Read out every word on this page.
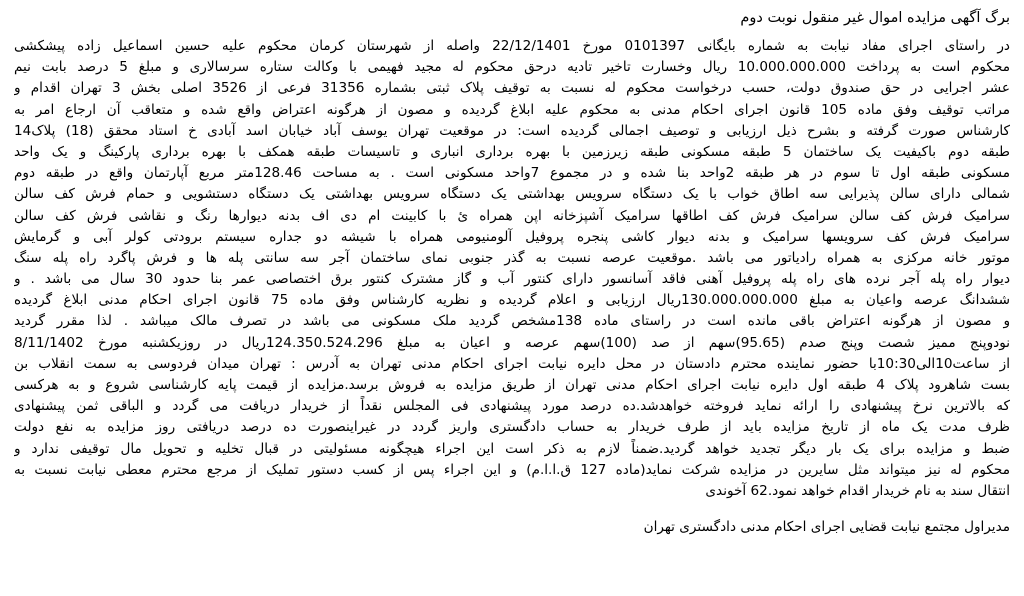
برگ آگهی مزایده اموال غیر منقول نوبت دوم
در راستای اجرای مفاد نیابت به شماره بایگانی 0101397 مورخ 22/12/1401 واصله از شهرستان کرمان محکوم علیه حسین اسماعیل زاده پیشکشی
محکوم است به پرداخت 10.000.000.000 ریال وخسارت تاخیر تادیه درحق محکوم له مجید فهیمی با وکالت ستاره سرسالاری و مبلغ 5 درصد بابت نیم
عشر اجرایی در حق صندوق دولت، حسب درخواست محکوم له نسبت به توقیف پلاک ثبتی بشماره 31356 فرعی از 3526 اصلی بخش 3 تهران اقدام و
مراتب توقیف وفق ماده 105 قانون اجرای احکام مدنی به محکوم علیه ابلاغ گردیده و مصون از هرگونه اعتراض واقع شده و متعاقب آن ارجاع امر به
کارشناس صورت گرفته و بشرح ذیل ارزیابی و توصیف اجمالی گردیده است: در موقعیت تهران یوسف آباد خیابان اسد آبادی خ استاد محقق (18) پلاک14
طبقه دوم باکیفیت یک ساختمان 5 طبقه مسکونی طبقه زیرزمین با بهره برداری انباری و تاسیسات طبقه همکف با بهره برداری پارکینگ و یک واحد
مسکونی طبقه اول تا سوم در هر طبقه 2واحد بنا شده و در مجموع 7واحد مسکونی است . به مساحت 128.46متر مربع آپارتمان واقع در طبقه دوم
شمالی دارای سالن پذیرایی سه اطاق خواب با یک دستگاه سرویس بهداشتی یک دستگاه سرویس بهداشتی یک دستگاه دستشویی و حمام فرش کف سالن
سرامیک فرش کف سالن سرامیک فرش کف اطاقها سرامیک آشپزخانه اپن همراه ئ با کابینت ام دی اف بدنه دیوارها رنگ و نقاشی فرش کف سالن
سرامیک فرش کف سرویسها سرامیک و بدنه دیوار کاشی پنجره پروفیل آلومنیومی همراه با شیشه دو جداره سیستم برودتی کولر آبی و گرمایش
موتور خانه مرکزی به همراه رادیاتور می باشد .موقعیت عرصه نسبت به گذر جنوبی نمای ساختمان آجر سه سانتی پله ها و فرش پاگرد راه پله سنگ
دیوار راه پله آجر نرده های راه پله پروفیل آهنی فاقد آسانسور دارای کنتور آب و گاز مشترک کنتور برق اختصاصی عمر بنا حدود 30 سال می باشد . و
ششدانگ عرصه واعیان به مبلغ 130.000.000.000ریال ارزیابی و اعلام گردیده و نظریه کارشناس وفق ماده 75 قانون اجرای احکام مدنی ابلاغ گردیده
و مصون از هرگونه اعتراض باقی مانده است در راستای ماده 138مشخص گردید ملک مسکونی می باشد در تصرف مالک میباشد . لذا مقرر گردید
نودوپنج ممیز شصت وپنج صدم (95.65)سهم از صد (100)سهم عرصه و اعیان به مبلغ 124.350.524.296ریال در روزیکشنبه مورخ 8/11/1402
از ساعت10الی10:30با حضور نماینده محترم دادستان در محل دایره نیابت اجرای احکام مدنی تهران به آدرس : تهران میدان فردوسی به سمت انقلاب بن
بست شاهرود پلاک 4 طبقه اول دایره نیابت اجرای احکام مدنی تهران از طریق مزایده به فروش برسد.مزایده از قیمت پایه کارشناسی شروع و به هرکسی
که بالاترین نرخ پیشنهادی را ارائه نماید فروخته خواهدشد.ده درصد مورد پیشنهادی فی المجلس نقداً از خریدار دریافت می گردد و الباقی ثمن پیشنهادی
ظرف مدت یک ماه از تاریخ مزایده باید از طرف خریدار به حساب دادگستری واریز گردد در غیراینصورت ده درصد دریافتی روز مزایده به نفع دولت
ضبط و مزایده برای یک بار دیگر تجدید خواهد گردید.ضمناً لازم به ذکر است این اجراء هیچگونه مسئولیتی در قبال تخلیه و تحویل مال توقیفی ندارد و
محکوم له نیز میتواند مثل سایرین در مزایده شرکت نماید(ماده 127 ق.ا.ا.م) و این اجراء پس از کسب دستور تملیک از مرجع محترم معطی نیابت نسبت به
انتقال سند به نام خریدار اقدام خواهد نمود.62 آخوندی
مدیراول مجتمع نیابت قضایی اجرای احکام مدنی دادگستری تهران
